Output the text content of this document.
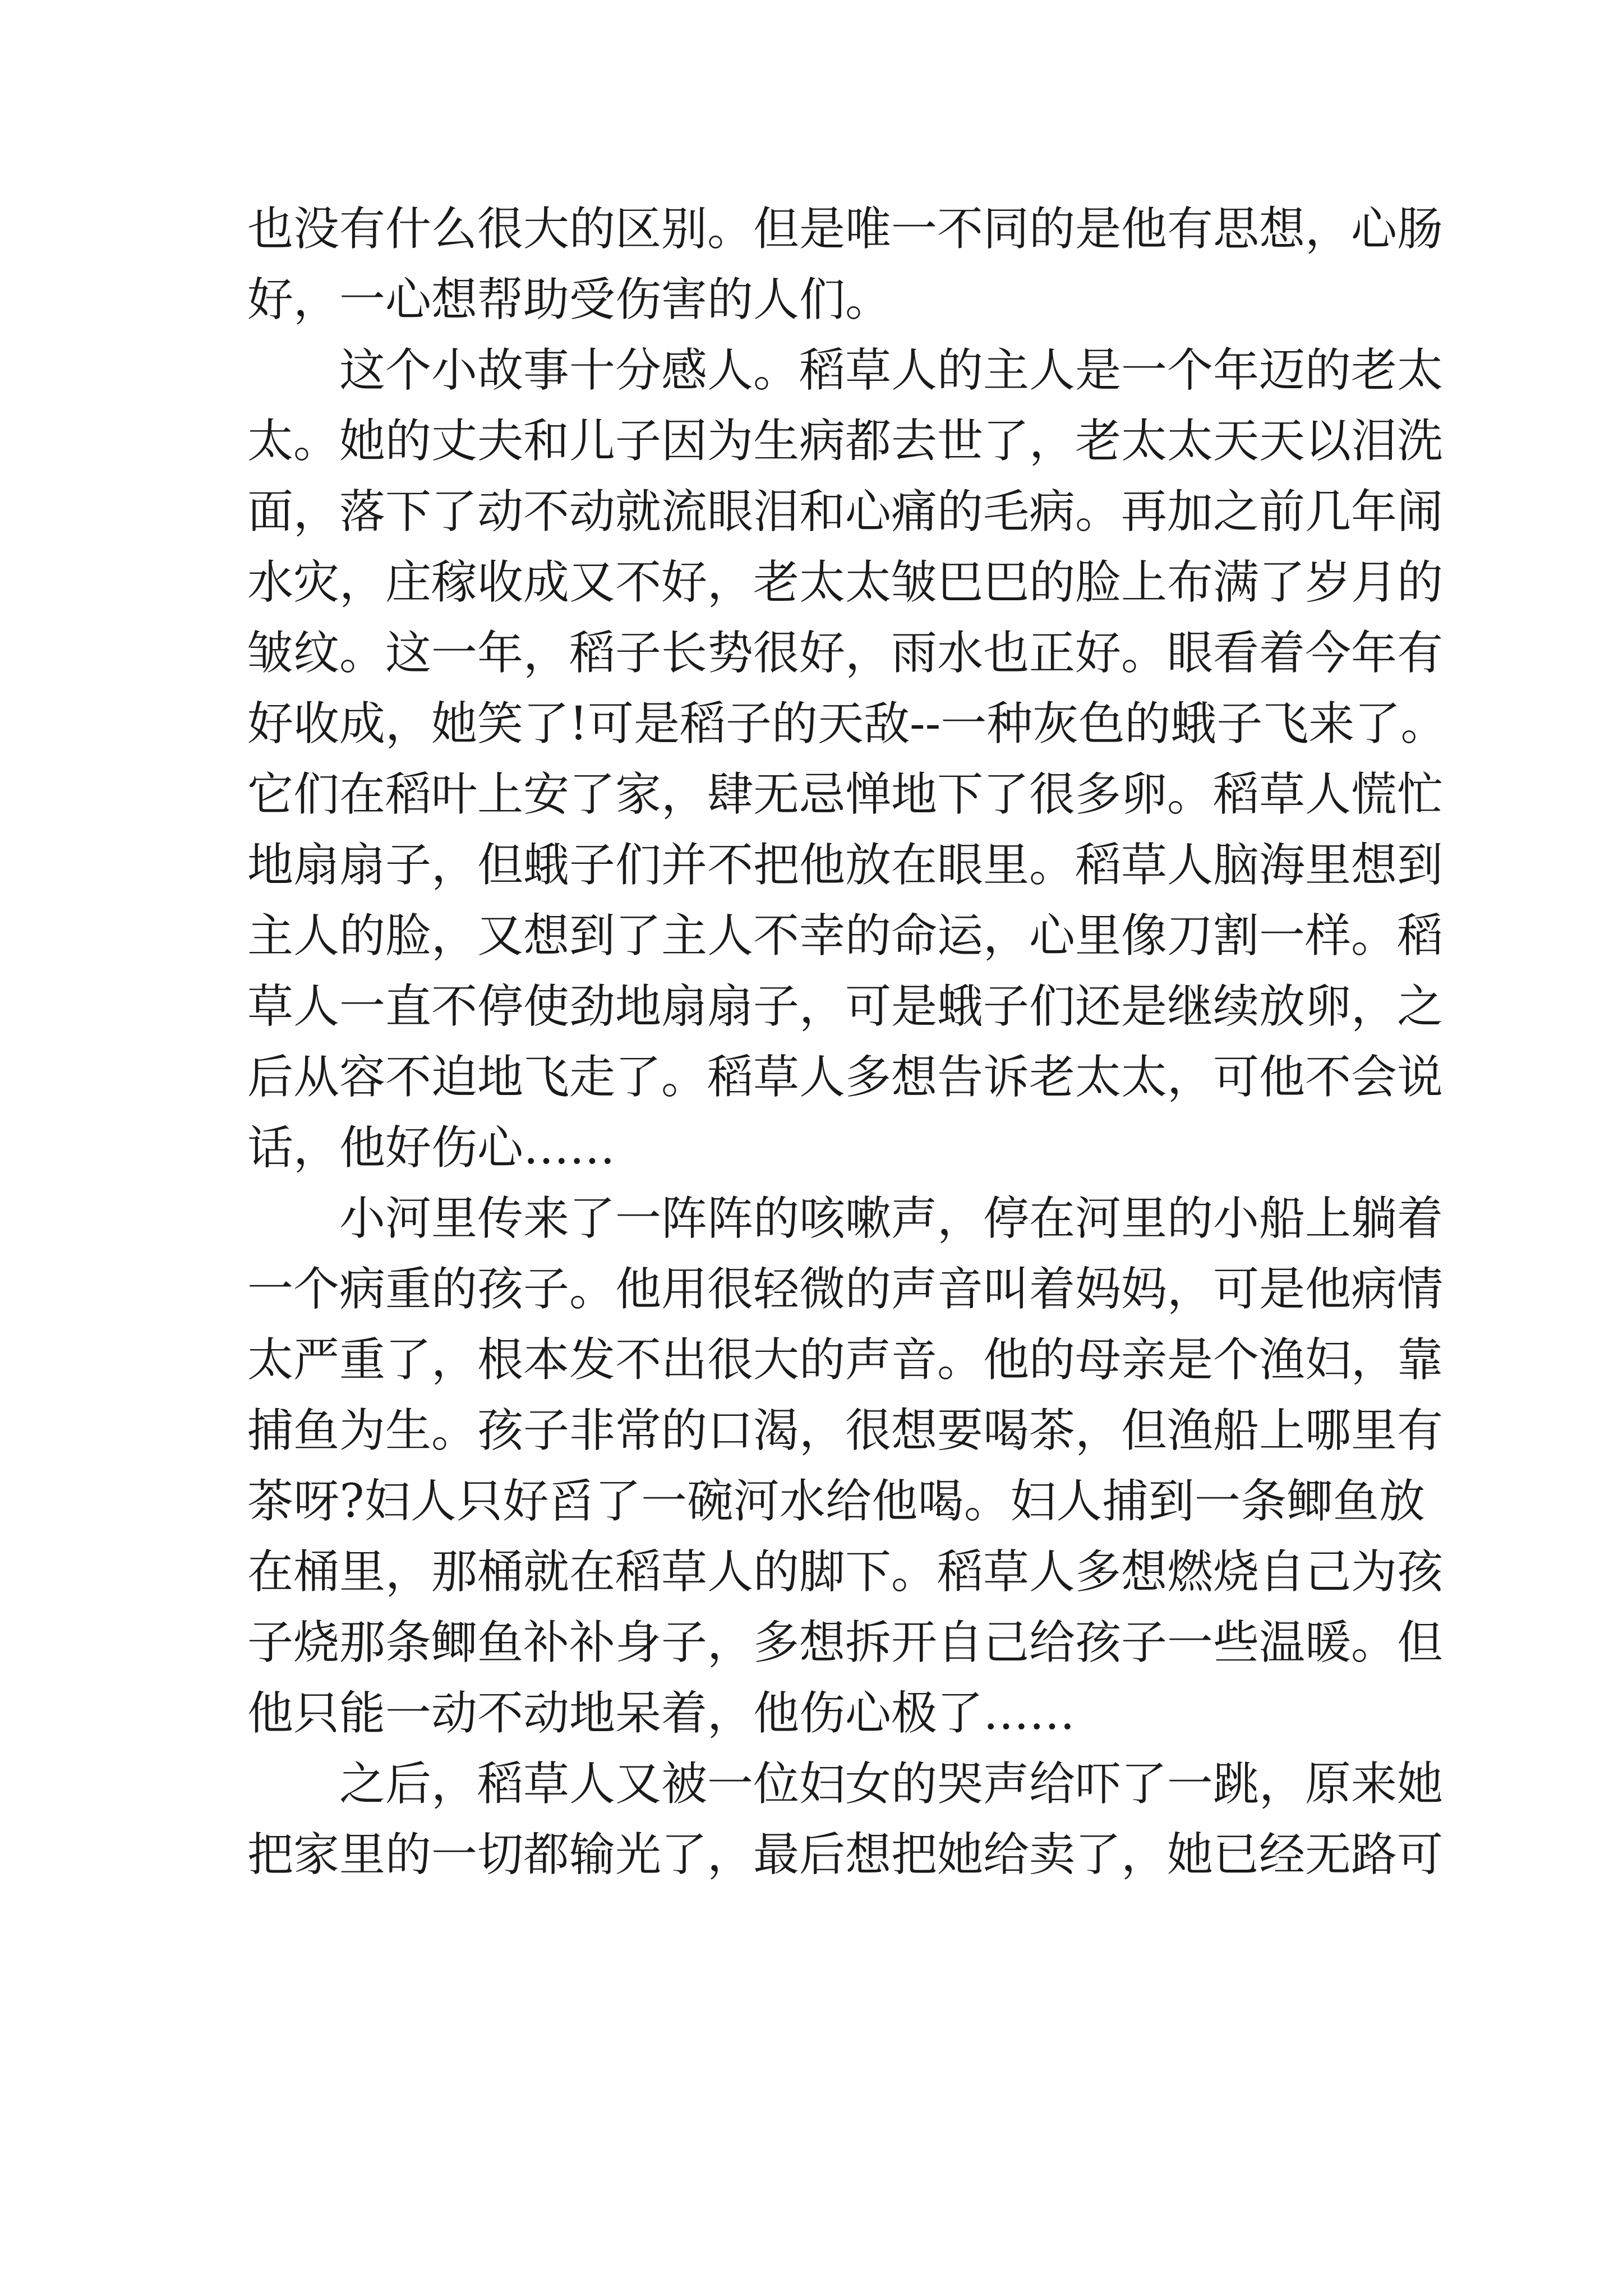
也没有什么很大的区别。但是唯一不同的是他有思想，心肠
好，一心想帮助受伤害的人们。
这个小故事十分感人。稻草人的主人是一个年迈的老太
太。她的丈夫和儿子因为生病都去世了，老太太天天以泪洗
面，落下了动不动就流眼泪和心痛的毛病。再加之前几年闹
水灾，庄稼收成又不好，老太太皱巴巴的脸上布满了岁月的
皱纹。这一年，稻子长势很好，雨水也正好。眼看着今年有
好收成，她笑了!可是稻子的天敌--一种灰色的蛾子飞来了。
它们在稻叶上安了家，肆无忌惮地下了很多卵。稻草人慌忙
地扇扇子，但蛾子们并不把他放在眼里。稻草人脑海里想到
主人的脸，又想到了主人不幸的命运，心里像刀割一样。稻
草人一直不停使劲地扇扇子，可是蛾子们还是继续放卵，之
后从容不迫地飞走了。稻草人多想告诉老太太，可他不会说
话，他好伤心……
小河里传来了一阵阵的咳嗽声，停在河里的小船上躺着
一个病重的孩子。他用很轻微的声音叫着妈妈，可是他病情
太严重了，根本发不出很大的声音。他的母亲是个渔妇，靠
捕鱼为生。孩子非常的口渴，很想要喝茶，但渔船上哪里有
茶呀?妇人只好舀了一碗河水给他喝。妇人捕到一条鲫鱼放
在桶里，那桶就在稻草人的脚下。稻草人多想燃烧自己为孩
子烧那条鲫鱼补补身子，多想拆开自己给孩子一些温暖。但
他只能一动不动地呆着，他伤心极了……
之后，稻草人又被一位妇女的哭声给吓了一跳，原来她
把家里的一切都输光了，最后想把她给卖了，她已经无路可
